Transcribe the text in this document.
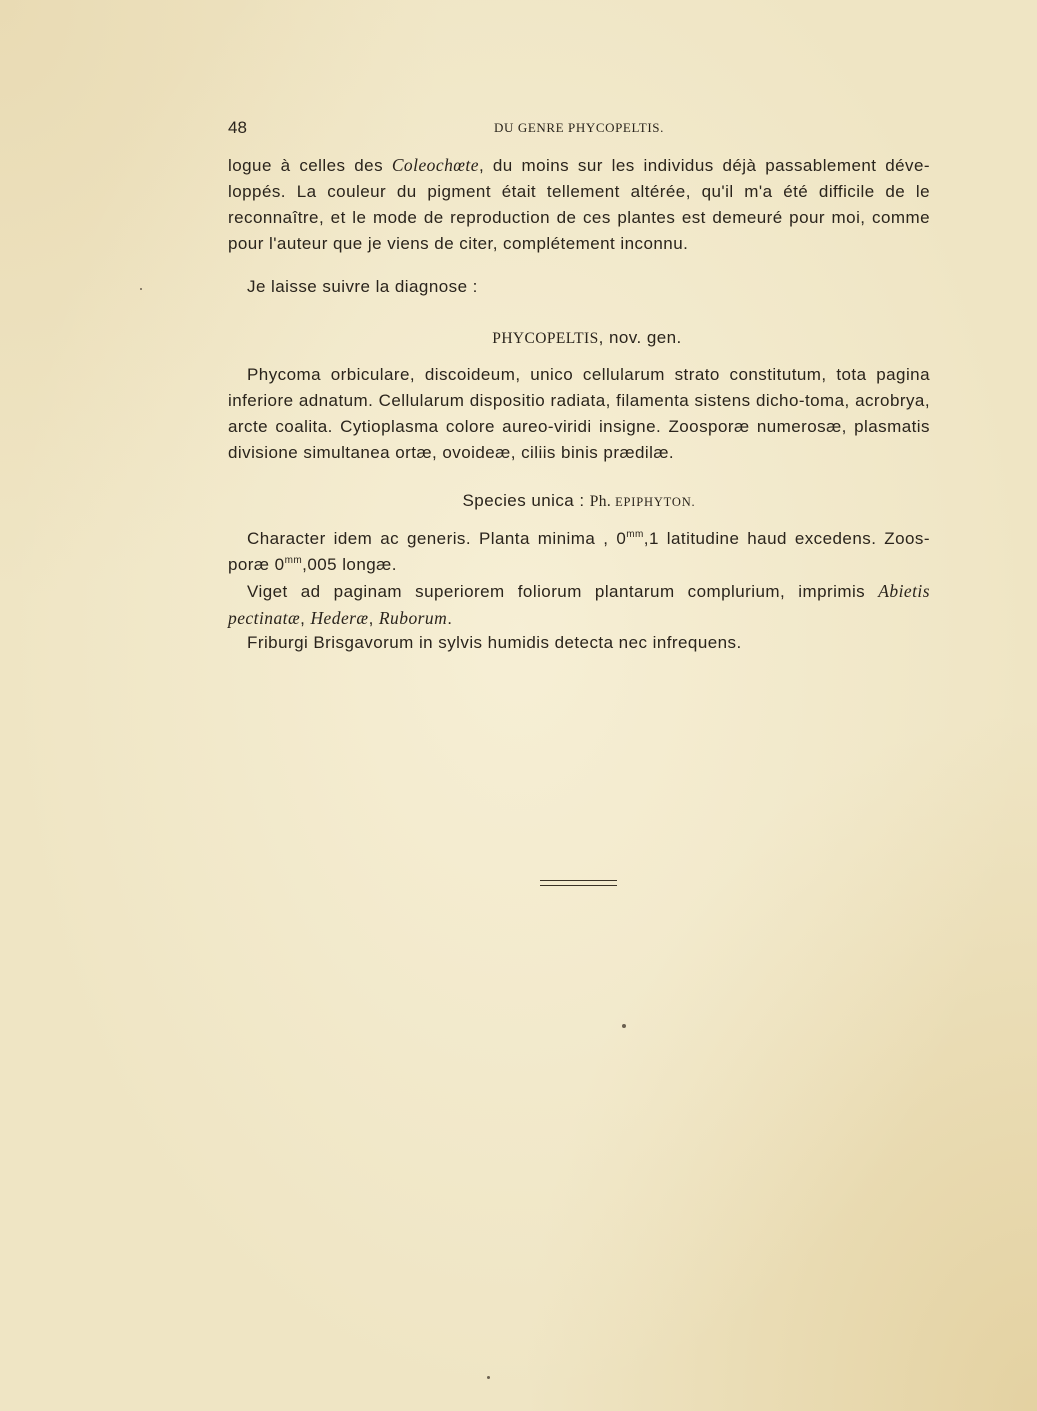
48	DU GENRE PHYCOPELTIS.

logue à celles des Coleochœte, du moins sur les individus déjà passablement déve-loppés. La couleur du pigment était tellement altérée, qu'il m'a été difficile de le reconnaître, et le mode de reproduction de ces plantes est demeuré pour moi, comme pour l'auteur que je viens de citer, complétement inconnu.

Je laisse suivre la diagnose :

PHYCOPELTIS, nov. gen.

Phycoma orbiculare, discoideum, unico cellularum strato constitutum, tota pagina inferiore adnatum. Cellularum dispositio radiata, filamenta sistens dicho-toma, acrobrya, arcte coalita. Cytioplasma colore aureo-viridi insigne. Zoosporæ numerosæ, plasmatis divisione simultanea ortæ, ovoideæ, ciliis binis prædilæ.

Species unica : Ph. EPIPHYTON.

Character idem ac generis. Planta minima , $0^{mm},1$ latitudine haud excedens. Zoos-poræ $0^{mm},005$ longæ.

Viget ad paginam superiorem foliorum plantarum complurium, imprimis Abietis pectinatæ, Hederæ, Ruborum.

Friburgi Brisgavorum in sylvis humidis detecta nec infrequens.
